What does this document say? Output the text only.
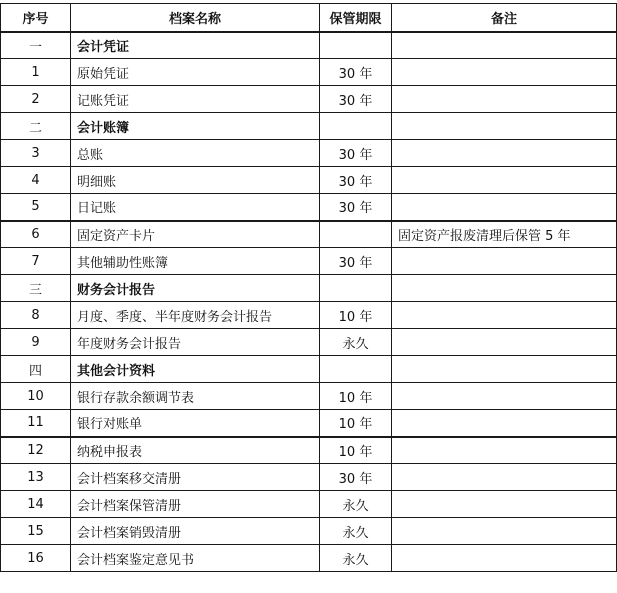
序号	档案名称	保管期限	备注
一	会计凭证		
1	原始凭证	30 年	
2	记账凭证	30 年	
二	会计账簿		
3	总账	30 年	
4	明细账	30 年	
5	日记账	30 年	
6	固定资产卡片		固定资产报废清理后保管 5 年
7	其他辅助性账簿	30 年	
三	财务会计报告		
8	月度、季度、半年度财务会计报告	10 年	
9	年度财务会计报告	永久	
四	其他会计资料		
10	银行存款余额调节表	10 年	
11	银行对账单	10 年	
12	纳税申报表	10 年	
13	会计档案移交清册	30 年	
14	会计档案保管清册	永久	
15	会计档案销毁清册	永久	
16	会计档案鉴定意见书	永久	
